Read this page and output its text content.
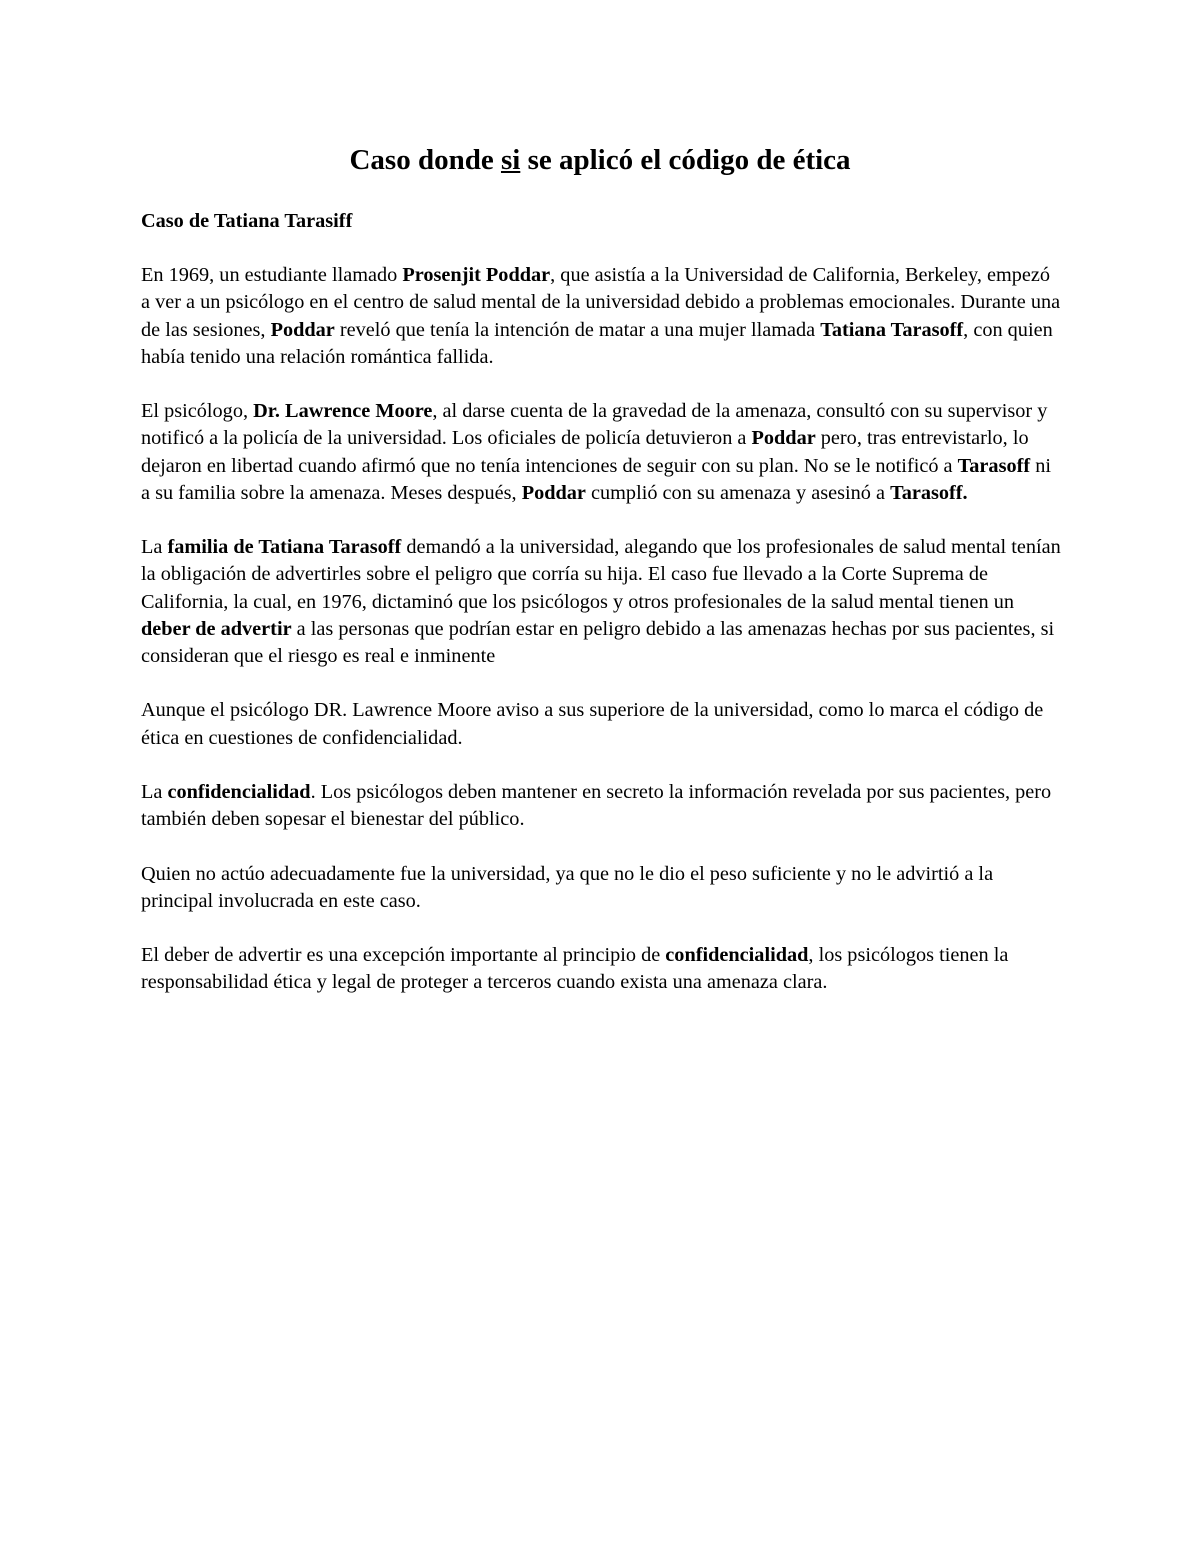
Caso donde si se aplicó el código de ética

Caso de Tatiana Tarasiff

En 1969, un estudiante llamado Prosenjit Poddar, que asistía a la Universidad de California, Berkeley, empezó a ver a un psicólogo en el centro de salud mental de la universidad debido a problemas emocionales. Durante una de las sesiones, Poddar reveló que tenía la intención de matar a una mujer llamada Tatiana Tarasoff, con quien había tenido una relación romántica fallida.

El psicólogo, Dr. Lawrence Moore, al darse cuenta de la gravedad de la amenaza, consultó con su supervisor y notificó a la policía de la universidad. Los oficiales de policía detuvieron a Poddar pero, tras entrevistarlo, lo dejaron en libertad cuando afirmó que no tenía intenciones de seguir con su plan. No se le notificó a Tarasoff ni a su familia sobre la amenaza. Meses después, Poddar cumplió con su amenaza y asesinó a Tarasoff.

La familia de Tatiana Tarasoff demandó a la universidad, alegando que los profesionales de salud mental tenían la obligación de advertirles sobre el peligro que corría su hija. El caso fue llevado a la Corte Suprema de California, la cual, en 1976, dictaminó que los psicólogos y otros profesionales de la salud mental tienen un deber de advertir a las personas que podrían estar en peligro debido a las amenazas hechas por sus pacientes, si consideran que el riesgo es real e inminente

Aunque el psicólogo DR. Lawrence Moore aviso a sus superiore de la universidad, como lo marca el código de ética en cuestiones de confidencialidad.

La confidencialidad. Los psicólogos deben mantener en secreto la información revelada por sus pacientes, pero también deben sopesar el bienestar del público.

Quien no actúo adecuadamente fue la universidad, ya que no le dio el peso suficiente y no le advirtió a la principal involucrada en este caso.

El deber de advertir es una excepción importante al principio de confidencialidad, los psicólogos tienen la responsabilidad ética y legal de proteger a terceros cuando exista una amenaza clara.
